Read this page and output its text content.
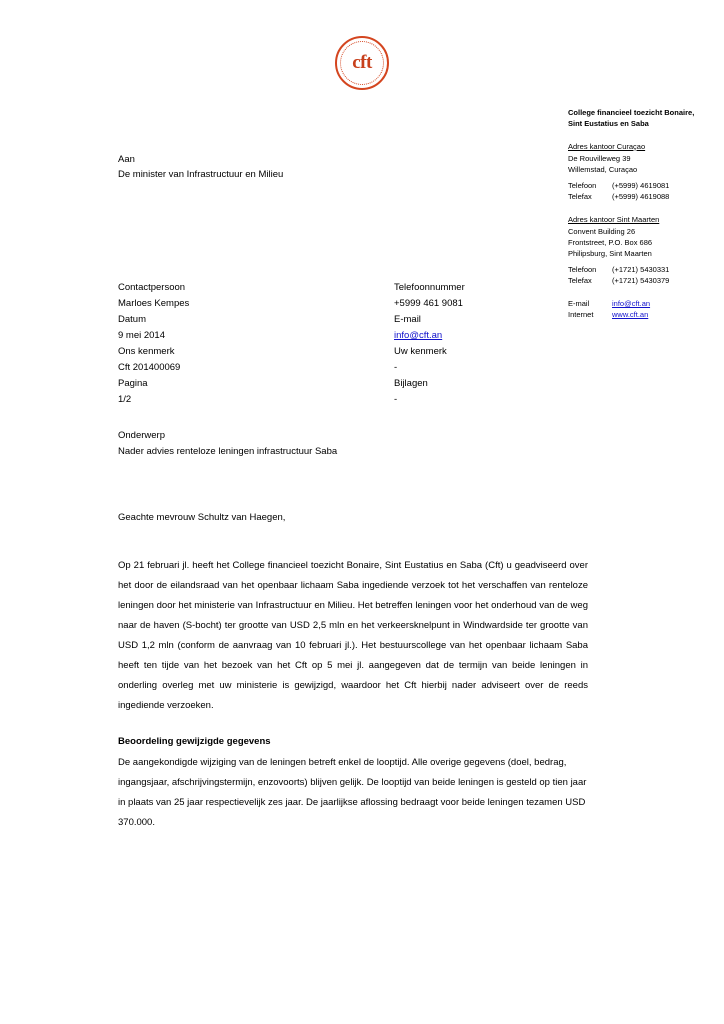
cft
College financieel toezicht Bonaire, Sint Eustatius en Saba
Adres kantoor Curaçao
De Rouvilleweg 39
Willemstad, Curaçao
Telefoon	(+5999) 4619081
Telefax	(+5999) 4619088
Adres kantoor Sint Maarten
Convent Building 26
Frontstreet, P.O. Box 686
Philipsburg, Sint Maarten
Telefoon	(+1721) 5430331
Telefax	(+1721) 5430379
E-mail	info@cft.an
Internet	www.cft.an
Aan
De minister van Infrastructuur en Milieu
Contactpersoon	Telefoonnummer
Marloes Kempes	+5999 461 9081
Datum	E-mail
9 mei 2014	info@cft.an
Ons kenmerk	Uw kenmerk
Cft 201400069	-
Pagina	Bijlagen
1/2	-
Onderwerp
Nader advies renteloze leningen infrastructuur Saba

Geachte mevrouw Schultz van Haegen,

Op 21 februari jl. heeft het College financieel toezicht Bonaire, Sint Eustatius en Saba (Cft) u geadviseerd over het door de eilandsraad van het openbaar lichaam Saba ingediende verzoek tot het verschaffen van renteloze leningen door het ministerie van Infrastructuur en Milieu. Het betreffen leningen voor het onderhoud van de weg naar de haven (S-bocht) ter grootte van USD 2,5 mln en het verkeersknelpunt in Windwardside ter grootte van USD 1,2 mln (conform de aanvraag van 10 februari jl.). Het bestuurscollege van het openbaar lichaam Saba heeft ten tijde van het bezoek van het Cft op 5 mei jl. aangegeven dat de termijn van beide leningen in onderling overleg met uw ministerie is gewijzigd, waardoor het Cft hierbij nader adviseert over de reeds ingediende verzoeken.

Beoordeling gewijzigde gegevens

De aangekondigde wijziging van de leningen betreft enkel de looptijd. Alle overige gegevens (doel, bedrag, ingangsjaar, afschrijvingstermijn, enzovoorts) blijven gelijk. De looptijd van beide leningen is gesteld op tien jaar in plaats van 25 jaar respectievelijk zes jaar. De jaarlijkse aflossing bedraagt voor beide leningen tezamen USD 370.000.
